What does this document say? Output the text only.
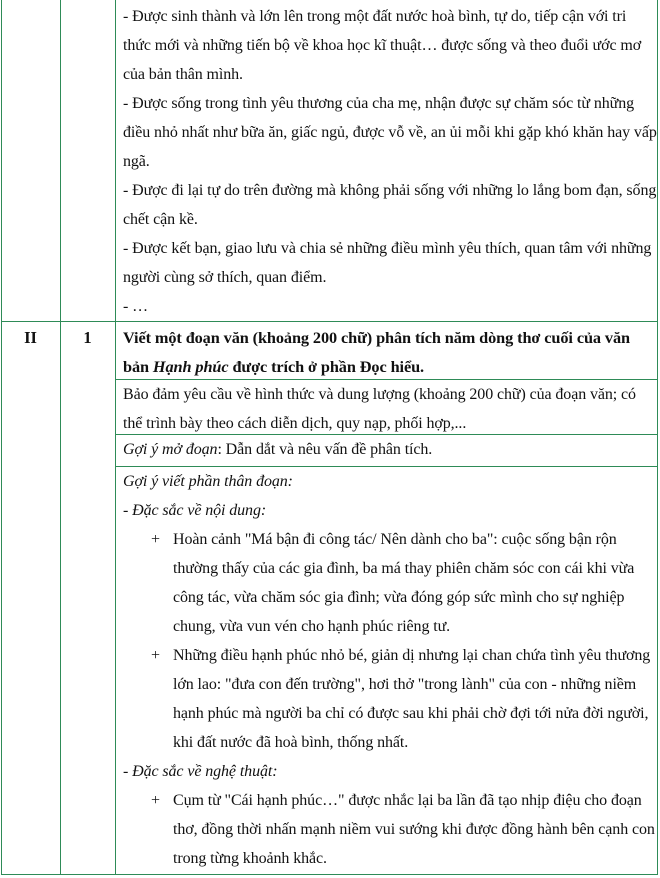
- Được sinh thành và lớn lên trong một đất nước hoà bình, tự do, tiếp cận với tri thức mới và những tiến bộ về khoa học kĩ thuật… được sống và theo đuổi ước mơ của bản thân mình.

- Được sống trong tình yêu thương của cha mẹ, nhận được sự chăm sóc từ những điều nhỏ nhất như bữa ăn, giấc ngủ, được vỗ về, an ủi mỗi khi gặp khó khăn hay vấp ngã.

- Được đi lại tự do trên đường mà không phải sống với những lo lắng bom đạn, sống chết cận kề.

- Được kết bạn, giao lưu và chia sẻ những điều mình yêu thích, quan tâm với những người cùng sở thích, quan điểm.

- …

II	1	Viết một đoạn văn (khoảng 200 chữ) phân tích năm dòng thơ cuối của văn bản Hạnh phúc được trích ở phần Đọc hiểu.

Bảo đảm yêu cầu về hình thức và dung lượng (khoảng 200 chữ) của đoạn văn; có thể trình bày theo cách diễn dịch, quy nạp, phối hợp,...

Gợi ý mở đoạn: Dẫn dắt và nêu vấn đề phân tích.

Gợi ý viết phần thân đoạn:

- Đặc sắc về nội dung:

+ Hoàn cảnh "Má bận đi công tác/ Nên dành cho ba": cuộc sống bận rộn thường thấy của các gia đình, ba má thay phiên chăm sóc con cái khi vừa công tác, vừa chăm sóc gia đình; vừa đóng góp sức mình cho sự nghiệp chung, vừa vun vén cho hạnh phúc riêng tư.

+ Những điều hạnh phúc nhỏ bé, giản dị nhưng lại chan chứa tình yêu thương lớn lao: "đưa con đến trường", hơi thở "trong lành" của con - những niềm hạnh phúc mà người ba chỉ có được sau khi phải chờ đợi tới nửa đời người, khi đất nước đã hoà bình, thống nhất.

- Đặc sắc về nghệ thuật:

+ Cụm từ "Cái hạnh phúc…" được nhắc lại ba lần đã tạo nhịp điệu cho đoạn thơ, đồng thời nhấn mạnh niềm vui sướng khi được đồng hành bên cạnh con trong từng khoảnh khắc.
